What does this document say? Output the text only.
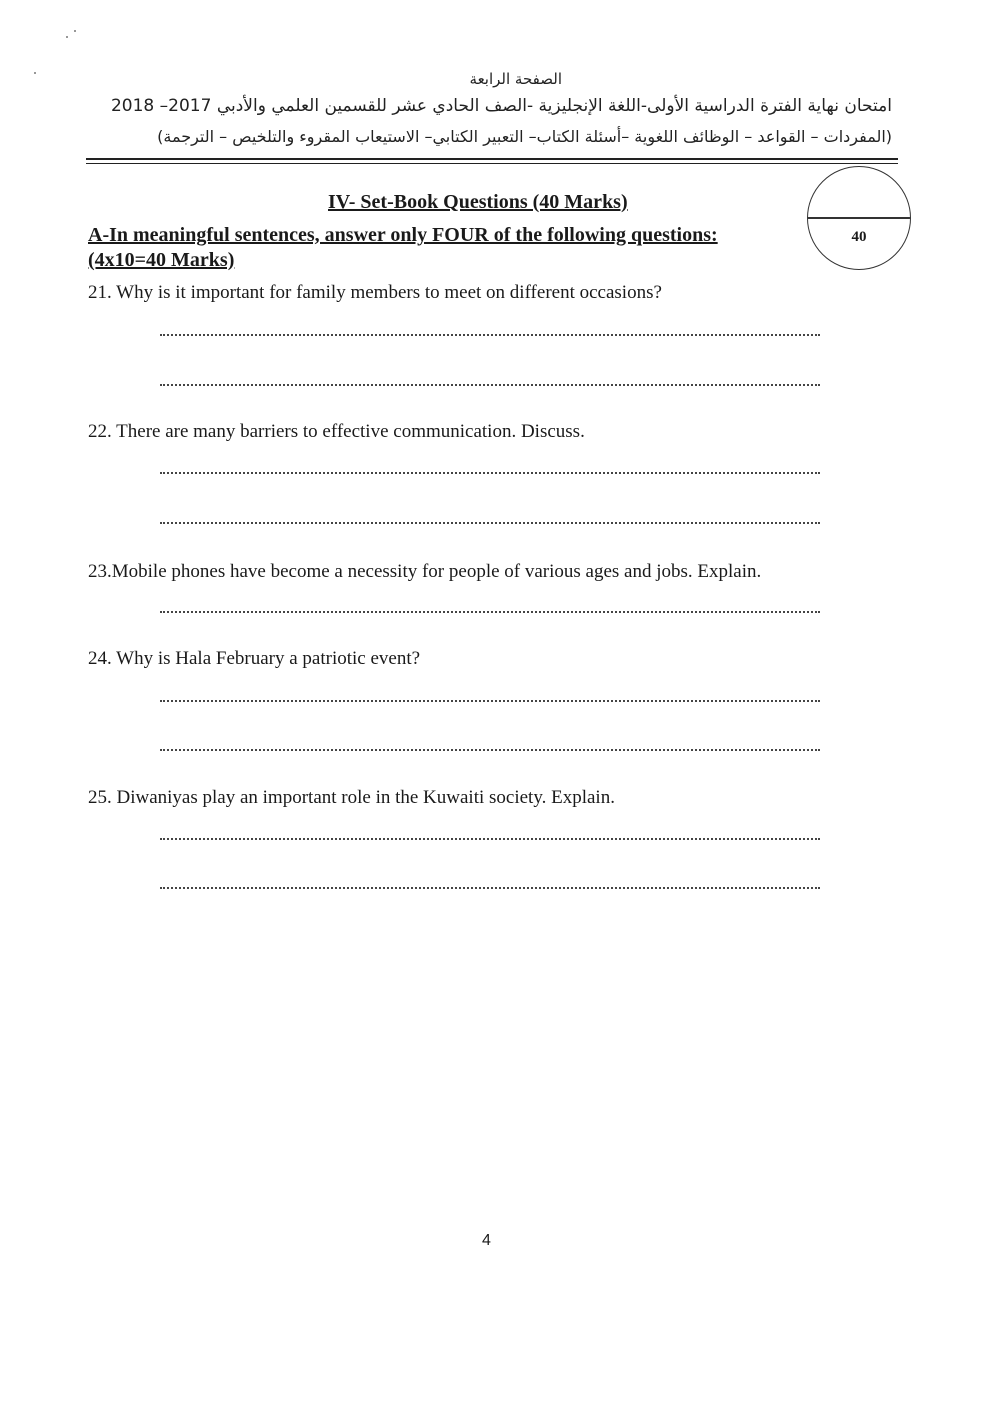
الصفحة الرابعة
امتحان نهاية الفترة الدراسية الأولى-اللغة الإنجليزية -الصف الحادي عشر للقسمين العلمي والأدبي 2017– 2018
(المفردات – القواعد – الوظائف اللغوية –أسئلة الكتاب– التعبير الكتابي– الاستيعاب المقروء والتلخيص – الترجمة)
IV- Set-Book Questions (40 Marks)
A-In meaningful sentences, answer only FOUR of the following questions:
(4x10=40 Marks)
40
21. Why is it important for family members to meet on different occasions?
22. There are many barriers to effective communication. Discuss.
23.Mobile phones have become a necessity for people of various ages and jobs. Explain.
24. Why is Hala February a patriotic event?
25. Diwaniyas play an important role in the Kuwaiti society. Explain.
4
